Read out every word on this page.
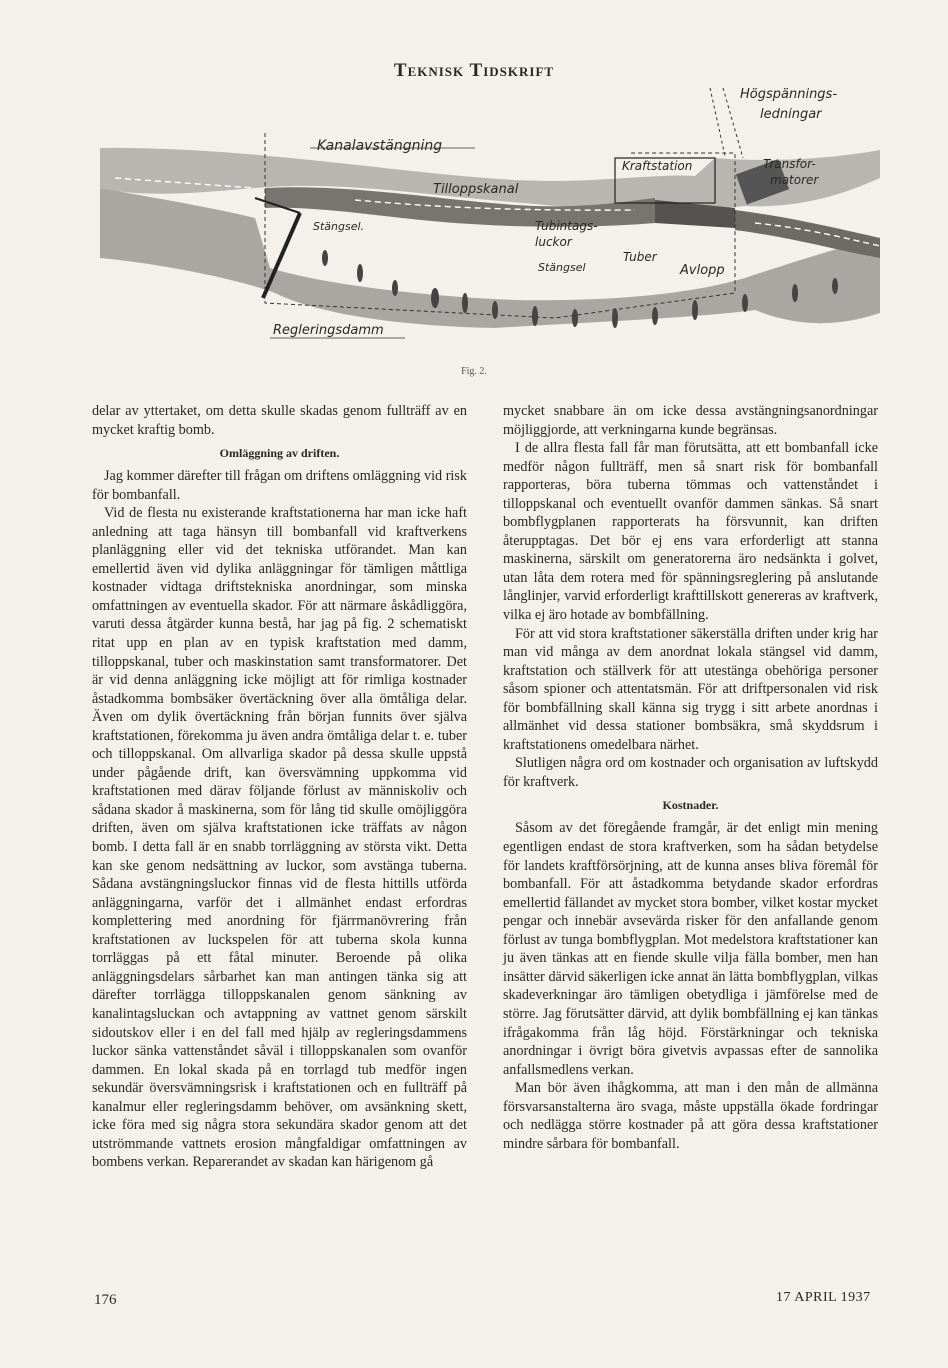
Teknisk Tidskrift
Kanalavstängning
Tilloppskanal
Stängsel.
Regleringsdamm
Tubintags-
luckor
Stängsel
Kraftstation
Tuber
Avlopp
Högspännings-
ledningar
Transfor-
matorer
Fig. 2.

delar av yttertaket, om detta skulle skadas genom fullträff av en mycket kraftig bomb.

Omläggning av driften.

Jag kommer därefter till frågan om driftens omläggning vid risk för bombanfall.

Vid de flesta nu existerande kraftstationerna har man icke haft anledning att taga hänsyn till bombanfall vid kraftverkens planläggning eller vid det tekniska utförandet. Man kan emellertid även vid dylika anläggningar för tämligen måttliga kostnader vidtaga driftstekniska anordningar, som minska omfattningen av eventuella skador. För att närmare åskådliggöra, varuti dessa åtgärder kunna bestå, har jag på fig. 2 schematiskt ritat upp en plan av en typisk kraftstation med damm, tilloppskanal, tuber och maskinstation samt transformatorer. Det är vid denna anläggning icke möjligt att för rimliga kostnader åstadkomma bombsäker övertäckning över alla ömtåliga delar. Även om dylik övertäckning från början funnits över själva kraftstationen, förekomma ju även andra ömtåliga delar t. e. tuber och tilloppskanal. Om allvarliga skador på dessa skulle uppstå under pågående drift, kan översvämning uppkomma vid kraftstationen med därav följande förlust av människoliv och sådana skador å maskinerna, som för lång tid skulle omöjliggöra driften, även om själva kraftstationen icke träffats av någon bomb. I detta fall är en snabb torrläggning av största vikt. Detta kan ske genom nedsättning av luckor, som avstänga tuberna. Sådana avstängningsluckor finnas vid de flesta hittills utförda anläggningarna, varför det i allmänhet endast erfordras komplettering med anordning för fjärrmanövrering från kraftstationen av luckspelen för att tuberna skola kunna torrläggas på ett fåtal minuter. Beroende på olika anläggningsdelars sårbarhet kan man antingen tänka sig att därefter torrlägga tilloppskanalen genom sänkning av kanalintagsluckan och avtappning av vattnet genom särskilt sidoutskov eller i en del fall med hjälp av regleringsdammens luckor sänka vattenståndet såväl i tilloppskanalen som ovanför dammen. En lokal skada på en torrlagd tub medför ingen sekundär översvämningsrisk i kraftstationen och en fullträff på kanalmur eller regleringsdamm behöver, om avsänkning skett, icke föra med sig några stora sekundära skador genom att det utströmmande vattnets erosion mångfaldigar omfattningen av bombens verkan. Reparerandet av skadan kan härigenom gå

mycket snabbare än om icke dessa avstängningsanordningar möjliggjorde, att verkningarna kunde begränsas.

I de allra flesta fall får man förutsätta, att ett bombanfall icke medför någon fullträff, men så snart risk för bombanfall rapporteras, böra tuberna tömmas och vattenståndet i tilloppskanal och eventuellt ovanför dammen sänkas. Så snart bombflygplanen rapporterats ha försvunnit, kan driften återupptagas. Det bör ej ens vara erforderligt att stanna maskinerna, särskilt om generatorerna äro nedsänkta i golvet, utan låta dem rotera med för spänningsreglering på anslutande långlinjer, varvid erforderligt krafttillskott genereras av kraftverk, vilka ej äro hotade av bombfällning.

För att vid stora kraftstationer säkerställa driften under krig har man vid många av dem anordnat lokala stängsel vid damm, kraftstation och ställverk för att utestänga obehöriga personer såsom spioner och attentatsmän. För att driftpersonalen vid risk för bombfällning skall känna sig trygg i sitt arbete anordnas i allmänhet vid dessa stationer bombsäkra, små skyddsrum i kraftstationens omedelbara närhet.

Slutligen några ord om kostnader och organisation av luftskydd för kraftverk.

Kostnader.

Såsom av det föregående framgår, är det enligt min mening egentligen endast de stora kraftverken, som ha sådan betydelse för landets kraftförsörjning, att de kunna anses bliva föremål för bombanfall. För att åstadkomma betydande skador erfordras emellertid fällandet av mycket stora bomber, vilket kostar mycket pengar och innebär avsevärda risker för den anfallande genom förlust av tunga bombflygplan. Mot medelstora kraftstationer kan ju även tänkas att en fiende skulle vilja fälla bomber, men han insätter därvid säkerligen icke annat än lätta bombflygplan, vilkas skadeverkningar äro tämligen obetydliga i jämförelse med de större. Jag förutsätter därvid, att dylik bombfällning ej kan tänkas ifrågakomma från låg höjd. Förstärkningar och tekniska anordningar i övrigt böra givetvis avpassas efter de sannolika anfallsmedlens verkan.

Man bör även ihågkomma, att man i den mån de allmänna försvarsanstalterna äro svaga, måste uppställa ökade fordringar och nedlägga större kostnader på att göra dessa kraftstationer mindre sårbara för bombanfall.

176	17 APRIL 1937
